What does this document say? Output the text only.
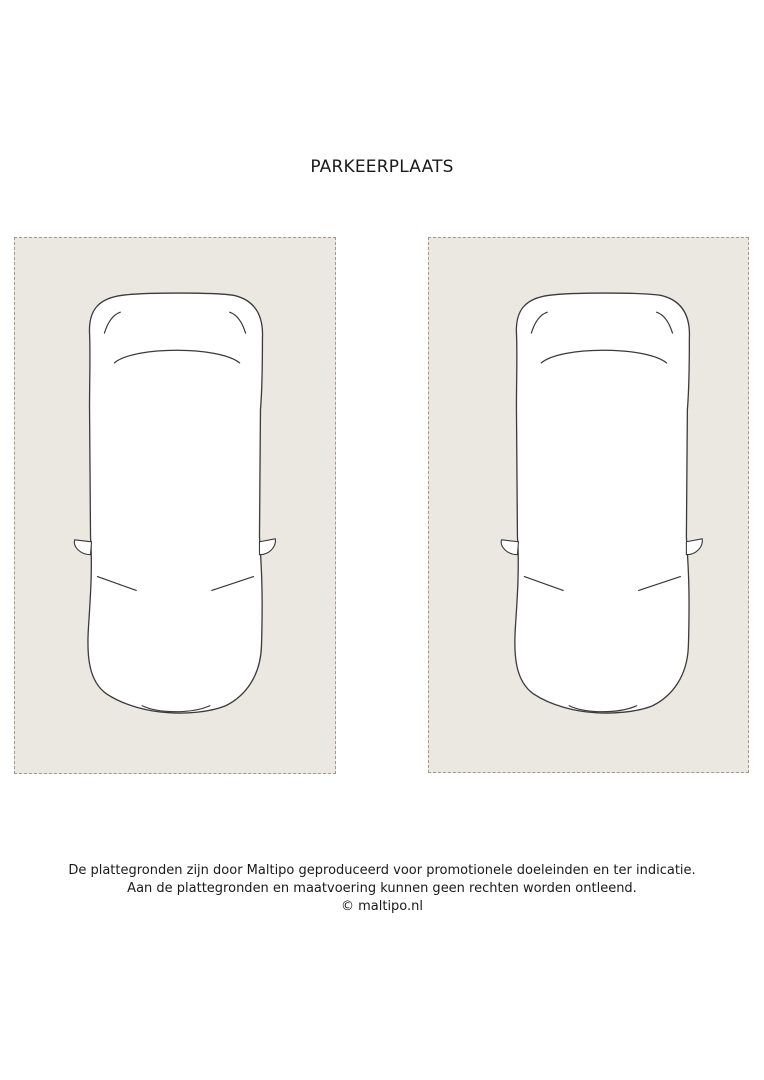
PARKEERPLAATS
De plattegronden zijn door Maltipo geproduceerd voor promotionele doeleinden en ter indicatie.
Aan de plattegronden en maatvoering kunnen geen rechten worden ontleend.
© maltipo.nl
